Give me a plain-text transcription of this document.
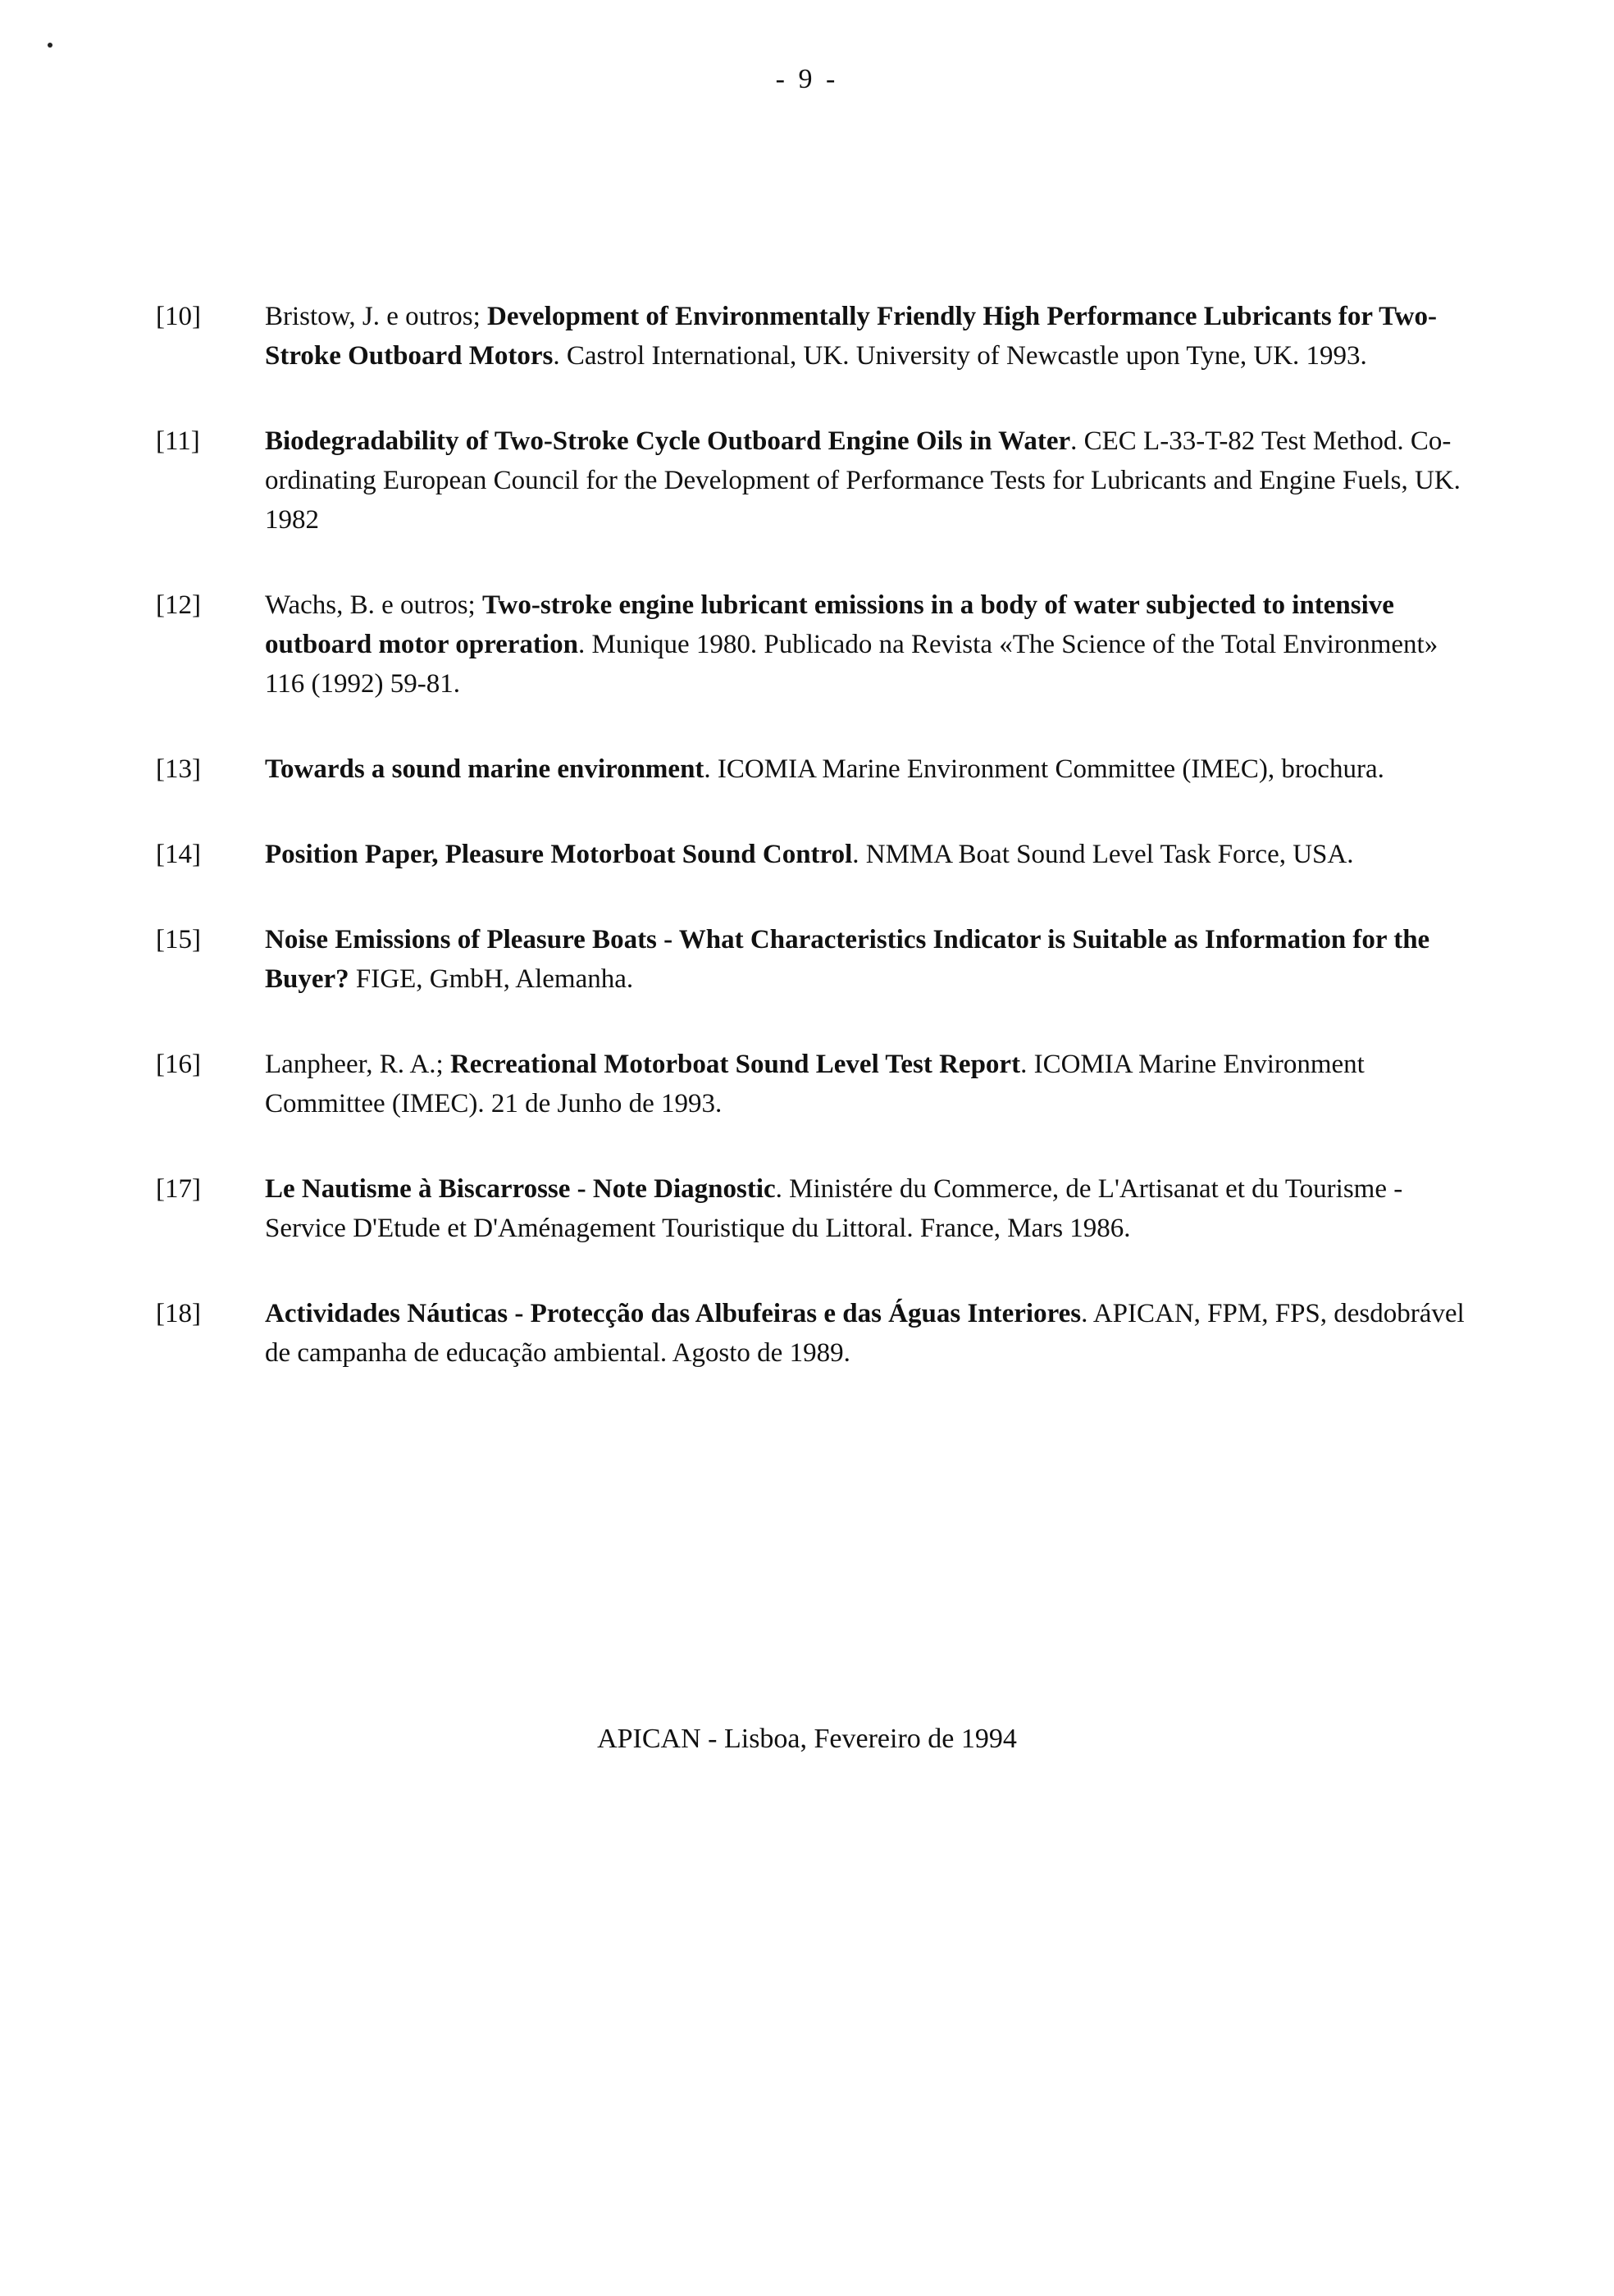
- 9 -
[10]	Bristow, J. e outros; Development of Environmentally Friendly High Performance Lubricants for Two-Stroke Outboard Motors. Castrol International, UK. University of Newcastle upon Tyne, UK. 1993.
[11]	Biodegradability of Two-Stroke Cycle Outboard Engine Oils in Water. CEC L-33-T-82 Test Method. Co-ordinating European Council for the Development of Performance Tests for Lubricants and Engine Fuels, UK. 1982
[12]	Wachs, B. e outros; Two-stroke engine lubricant emissions in a body of water subjected to intensive outboard motor opreration. Munique 1980. Publicado na Revista «The Science of the Total Environment» 116 (1992) 59-81.
[13]	Towards a sound marine environment. ICOMIA Marine Environment Committee (IMEC), brochura.
[14]	Position Paper, Pleasure Motorboat Sound Control. NMMA Boat Sound Level Task Force, USA.
[15]	Noise Emissions of Pleasure Boats - What Characteristics Indicator is Suitable as Information for the Buyer? FIGE, GmbH, Alemanha.
[16]	Lanpheer, R. A.; Recreational Motorboat Sound Level Test Report. ICOMIA Marine Environment Committee (IMEC). 21 de Junho de 1993.
[17]	Le Nautisme à Biscarrosse - Note Diagnostic. Ministére du Commerce, de L'Artisanat et du Tourisme - Service D'Etude et D'Aménagement Touristique du Littoral. France, Mars 1986.
[18]	Actividades Náuticas - Protecção das Albufeiras e das Águas Interiores. APICAN, FPM, FPS, desdobrável de campanha de educação ambiental. Agosto de 1989.
APICAN - Lisboa, Fevereiro de 1994
